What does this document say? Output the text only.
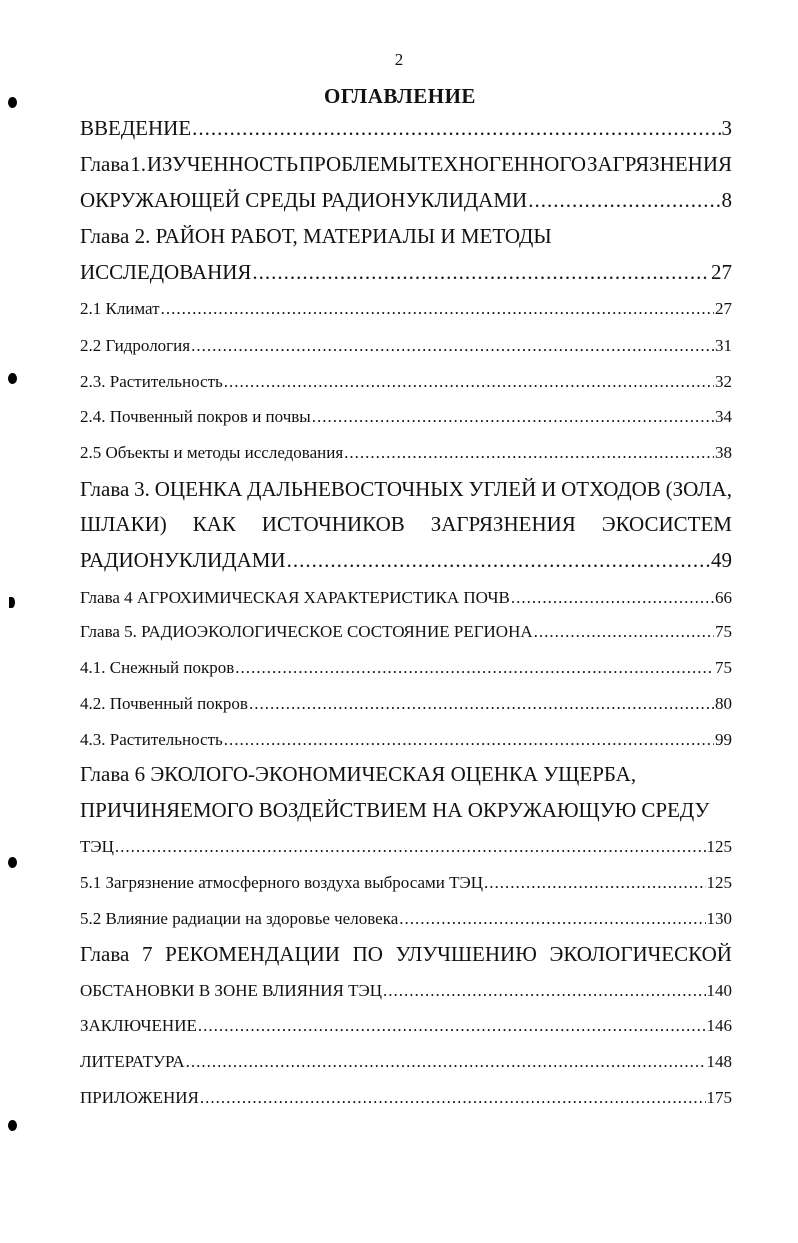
2
ОГЛАВЛЕНИЕ
ВВЕДЕНИЕ .....	3
Глава 1. ИЗУЧЕННОСТЬ ПРОБЛЕМЫ ТЕХНОГЕННОГО ЗАГРЯЗНЕНИЯ
ОКРУЖАЮЩЕЙ СРЕДЫ РАДИОНУКЛИДАМИ .....	8
Глава 2. РАЙОН РАБОТ, МАТЕРИАЛЫ И МЕТОДЫ
ИССЛЕДОВАНИЯ .....	27
2.1 Климат .....	27
2.2 Гидрология .....	31
2.3. Растительность .....	32
2.4. Почвенный покров и почвы .....	34
2.5 Объекты и методы исследования .....	38
Глава 3. ОЦЕНКА ДАЛЬНЕВОСТОЧНЫХ УГЛЕЙ И ОТХОДОВ (ЗОЛА,
ШЛАКИ) КАК ИСТОЧНИКОВ ЗАГРЯЗНЕНИЯ ЭКОСИСТЕМ
РАДИОНУКЛИДАМИ .....	49
Глава 4 АГРОХИМИЧЕСКАЯ ХАРАКТЕРИСТИКА ПОЧВ .....	66
Глава 5. РАДИОЭКОЛОГИЧЕСКОЕ СОСТОЯНИЕ РЕГИОНА .....	75
4.1. Снежный покров .....	75
4.2. Почвенный покров .....	80
4.3. Растительность .....	99
Глава 6 ЭКОЛОГО-ЭКОНОМИЧЕСКАЯ ОЦЕНКА УЩЕРБА,
ПРИЧИНЯЕМОГО ВОЗДЕЙСТВИЕМ НА ОКРУЖАЮЩУЮ СРЕДУ
ТЭЦ .....	125
5.1 Загрязнение атмосферного воздуха выбросами ТЭЦ .....	125
5.2 Влияние радиации на здоровье человека .....	130
Глава 7 РЕКОМЕНДАЦИИ ПО УЛУЧШЕНИЮ ЭКОЛОГИЧЕСКОЙ
ОБСТАНОВКИ В ЗОНЕ ВЛИЯНИЯ ТЭЦ .....	140
ЗАКЛЮЧЕНИЕ .....	146
ЛИТЕРАТУРА .....	148
ПРИЛОЖЕНИЯ .....	175
